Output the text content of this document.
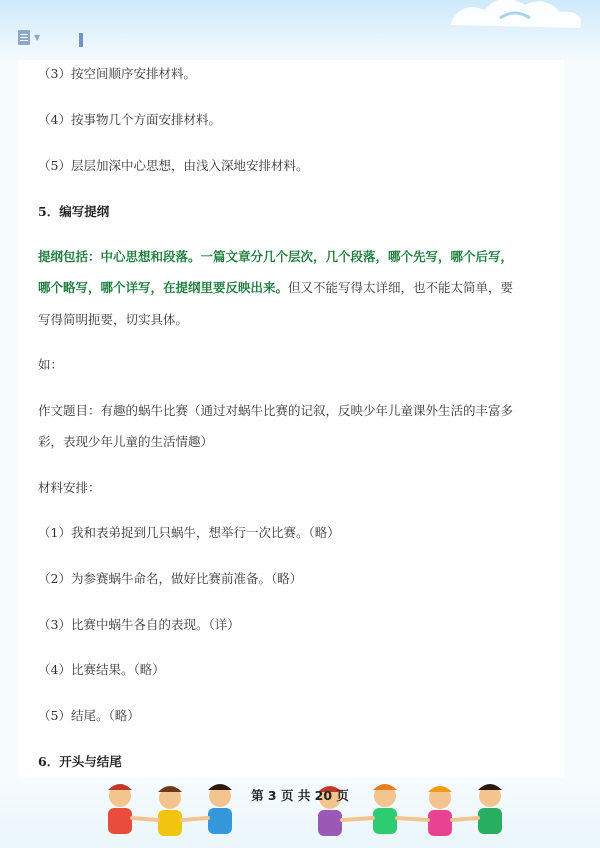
▼
（3）按空间顺序安排材料。
（4）按事物几个方面安排材料。
（5）层层加深中心思想，由浅入深地安排材料。
5．编写提纲
提纲包括：中心思想和段落。一篇文章分几个层次，几个段落，哪个先写，哪个后写，
哪个略写，哪个详写，在提纲里要反映出来。但又不能写得太详细，也不能太简单，要
写得简明扼要，切实具体。
如：
作文题目：有趣的蜗牛比赛（通过对蜗牛比赛的记叙，反映少年儿童课外生活的丰富多
彩，表现少年儿童的生活情趣）
材料安排：
（1）我和表弟捉到几只蜗牛，想举行一次比赛。（略）
（2）为参赛蜗牛命名，做好比赛前准备。（略）
（3）比赛中蜗牛各自的表现。（详）
（4）比赛结果。（略）
（5）结尾。（略）
6．开头与结尾
第 3 页 共 20 页
